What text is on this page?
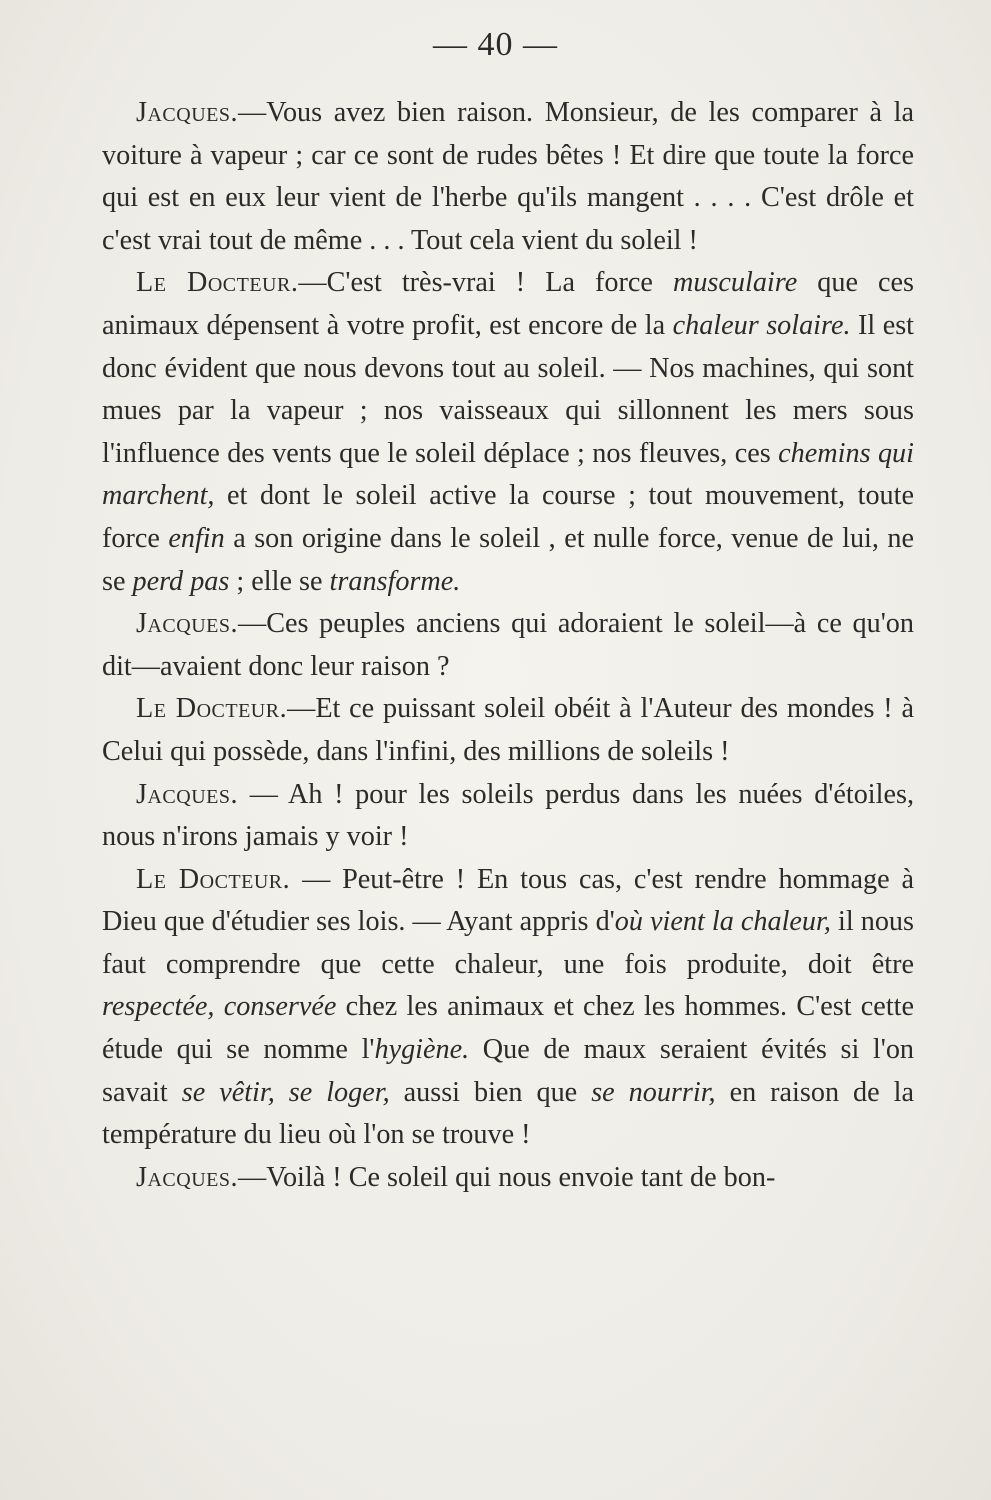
— 40 —

Jacques.—Vous avez bien raison. Monsieur, de les comparer à la voiture à vapeur ; car ce sont de rudes bêtes ! Et dire que toute la force qui est en eux leur vient de l'herbe qu'ils mangent . . . . C'est drôle et c'est vrai tout de même . . . Tout cela vient du soleil !

Le Docteur.—C'est très-vrai ! La force musculaire que ces animaux dépensent à votre profit, est encore de la chaleur solaire. Il est donc évident que nous devons tout au soleil. — Nos machines, qui sont mues par la vapeur ; nos vaisseaux qui sillonnent les mers sous l'influence des vents que le soleil déplace ; nos fleuves, ces chemins qui marchent, et dont le soleil active la course ; tout mouvement, toute force enfin a son origine dans le soleil , et nulle force, venue de lui, ne se perd pas ; elle se transforme.

Jacques.—Ces peuples anciens qui adoraient le soleil—à ce qu'on dit—avaient donc leur raison ?

Le Docteur.—Et ce puissant soleil obéit à l'Auteur des mondes ! à Celui qui possède, dans l'infini, des millions de soleils !

Jacques. — Ah ! pour les soleils perdus dans les nuées d'étoiles, nous n'irons jamais y voir !

Le Docteur. — Peut-être ! En tous cas, c'est rendre hommage à Dieu que d'étudier ses lois. — Ayant appris d'où vient la chaleur, il nous faut comprendre que cette chaleur, une fois produite, doit être respectée, conservée chez les animaux et chez les hommes. C'est cette étude qui se nomme l'hygiène. Que de maux seraient évités si l'on savait se vêtir, se loger, aussi bien que se nourrir, en raison de la température du lieu où l'on se trouve !

Jacques.—Voilà ! Ce soleil qui nous envoie tant de bon-
